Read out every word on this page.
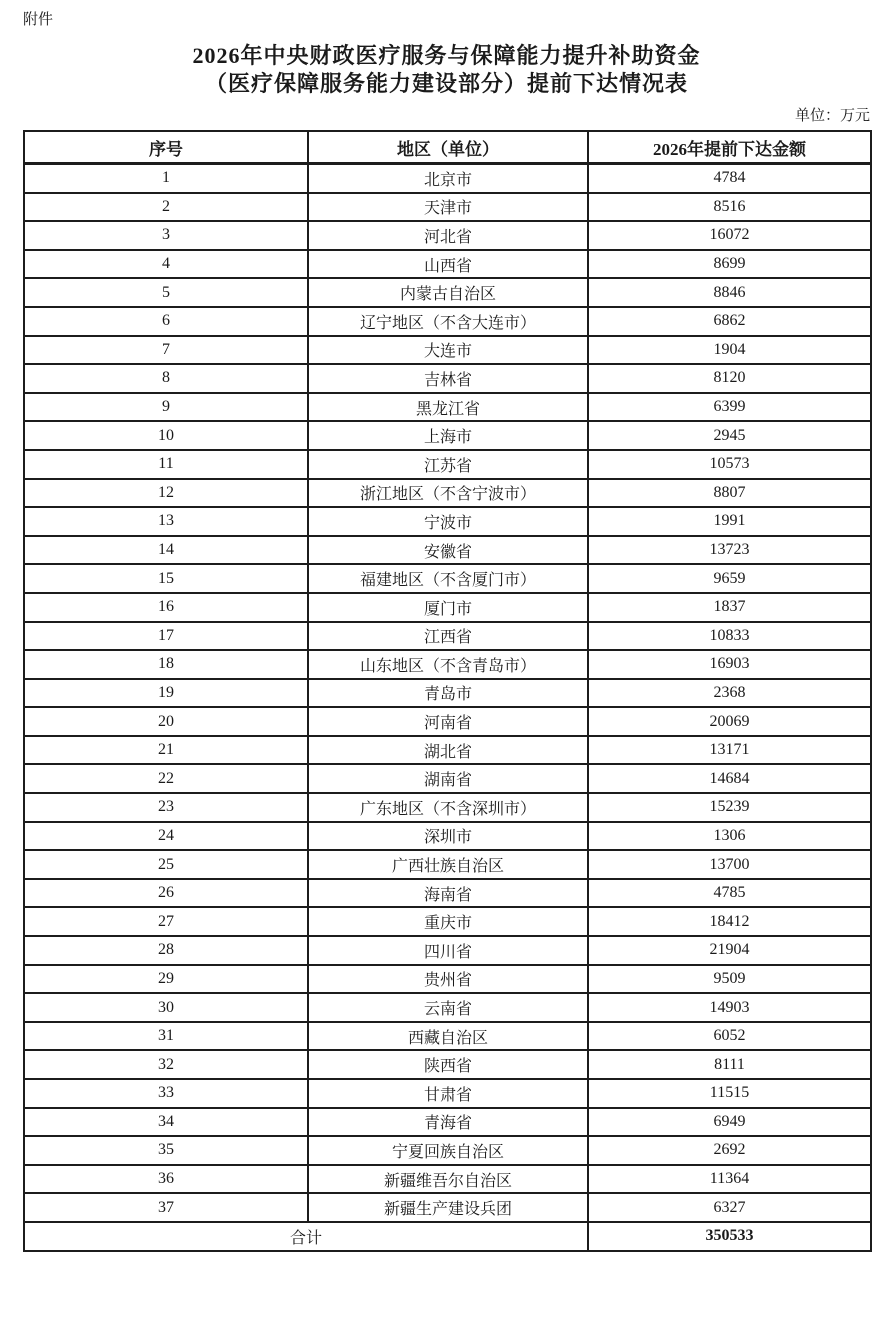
附件
2026年中央财政医疗服务与保障能力提升补助资金
（医疗保障服务能力建设部分）提前下达情况表
单位：万元
序号	地区（单位）	2026年提前下达金额
1	北京市	4784
2	天津市	8516
3	河北省	16072
4	山西省	8699
5	内蒙古自治区	8846
6	辽宁地区（不含大连市）	6862
7	大连市	1904
8	吉林省	8120
9	黑龙江省	6399
10	上海市	2945
11	江苏省	10573
12	浙江地区（不含宁波市）	8807
13	宁波市	1991
14	安徽省	13723
15	福建地区（不含厦门市）	9659
16	厦门市	1837
17	江西省	10833
18	山东地区（不含青岛市）	16903
19	青岛市	2368
20	河南省	20069
21	湖北省	13171
22	湖南省	14684
23	广东地区（不含深圳市）	15239
24	深圳市	1306
25	广西壮族自治区	13700
26	海南省	4785
27	重庆市	18412
28	四川省	21904
29	贵州省	9509
30	云南省	14903
31	西藏自治区	6052
32	陕西省	8111
33	甘肃省	11515
34	青海省	6949
35	宁夏回族自治区	2692
36	新疆维吾尔自治区	11364
37	新疆生产建设兵团	6327
合计		350533
